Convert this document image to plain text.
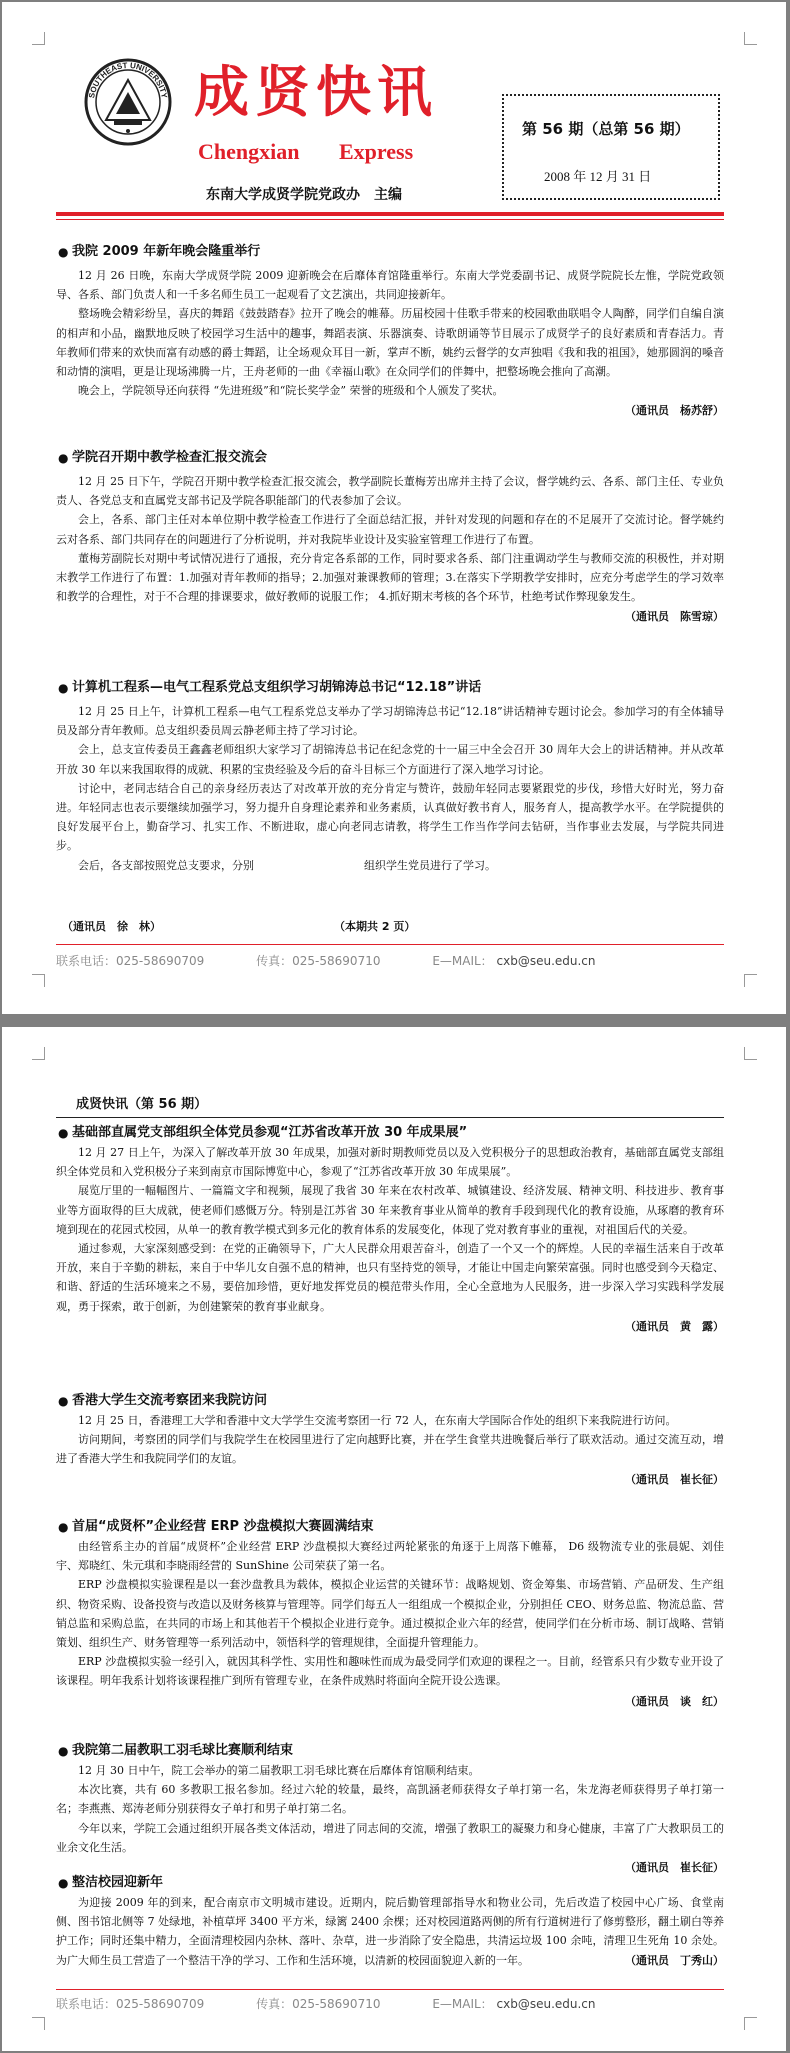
SOUTHEAST UNIVERSITY 成贤快讯
Chengxian Express
东南大学成贤学院党政办　主编
第 56 期（总第 56 期）
2008 年 12 月 31 日
● 我院 2009 年新年晚会隆重举行

12 月 26 日晚，东南大学成贤学院 2009 迎新晚会在后靡体育馆隆重举行。东南大学党委副书记、成贤学院院长左惟，学院党政领导、各系、部门负责人和一千多名师生员工一起观看了文艺演出，共同迎接新年。

整场晚会精彩纷呈，喜庆的舞蹈《鼓鼓踏春》拉开了晚会的帷幕。历届校园十佳歌手带来的校园歌曲联唱令人陶醉，同学们自编自演的相声和小品，幽默地反映了校园学习生活中的趣事，舞蹈表演、乐器演奏、诗歌朗诵等节目展示了成贤学子的良好素质和青春活力。青年教师们带来的欢快而富有动感的爵士舞蹈，让全场观众耳目一新，掌声不断，姚约云督学的女声独唱《我和我的祖国》，她那圆润的嗓音和动情的演唱，更是让现场沸腾一片，王舟老师的一曲《幸福山歌》在众同学们的伴舞中，把整场晚会推向了高潮。

晚会上，学院领导还向获得 “先进班级”和“院长奖学金” 荣誉的班级和个人颁发了奖状。

（通讯员　杨苏舒）
● 学院召开期中教学检查汇报交流会

12 月 25 日下午，学院召开期中教学检查汇报交流会，教学副院长董梅芳出席并主持了会议，督学姚约云、各系、部门主任、专业负责人、各党总支和直属党支部书记及学院各职能部门的代表参加了会议。

会上，各系、部门主任对本单位期中教学检查工作进行了全面总结汇报，并针对发现的问题和存在的不足展开了交流讨论。督学姚约云对各系、部门共同存在的问题进行了分析说明，并对我院毕业设计及实验室管理工作进行了布置。

董梅芳副院长对期中考试情况进行了通报，充分肯定各系部的工作，同时要求各系、部门注重调动学生与教师交流的积极性，并对期末教学工作进行了布置：1.加强对青年教师的指导；2.加强对兼课教师的管理；3.在落实下学期教学安排时，应充分考虑学生的学习效率和教学的合理性，对于不合理的排课要求，做好教师的说服工作； 4.抓好期末考核的各个环节，杜绝考试作弊现象发生。

（通讯员　陈雪琼）
● 计算机工程系—电气工程系党总支组织学习胡锦涛总书记“12.18”讲话

12 月 25 日上午，计算机工程系—电气工程系党总支举办了学习胡锦涛总书记“12.18”讲话精神专题讨论会。参加学习的有全体辅导员及部分青年教师。总支组织委员周云静老师主持了学习讨论。

会上，总支宣传委员王鑫鑫老师组织大家学习了胡锦涛总书记在纪念党的十一届三中全会召开 30 周年大会上的讲话精神。并从改革开放 30 年以来我国取得的成就、积累的宝贵经验及今后的奋斗目标三个方面进行了深入地学习讨论。

讨论中，老同志结合自己的亲身经历表达了对改革开放的充分肯定与赞许，鼓励年轻同志要紧跟党的步伐，珍惜大好时光，努力奋进。年轻同志也表示要继续加强学习，努力提升自身理论素养和业务素质，认真做好教书育人，服务育人，提高教学水平。在学院提供的良好发展平台上，勤奋学习、扎实工作、不断进取，虚心向老同志请教，将学生工作当作学问去钻研，当作事业去发展，与学院共同进步。

会后，各支部按照党总支要求，分别　　　　　　　　　　组织学生党员进行了学习。

（通讯员　徐　林）	（本期共 2 页）
联系电话：025-58690709	传真：025-58690710	E—MAIL： cxb@seu.edu.cn
成贤快讯（第 56 期）
● 基础部直属党支部组织全体党员参观“江苏省改革开放 30 年成果展”

12 月 27 日上午，为深入了解改革开放 30 年成果，加强对新时期教师党员以及入党积极分子的思想政治教育，基础部直属党支部组织全体党员和入党积极分子来到南京市国际博览中心，参观了“江苏省改革开放 30 年成果展”。

展览厅里的一幅幅图片、一篇篇文字和视频，展现了我省 30 年来在农村改革、城镇建设、经济发展、精神文明、科技进步、教育事业等方面取得的巨大成就，使老师们感慨万分。特别是江苏省 30 年来教育事业从简单的教育手段到现代化的教育设施，从琢磨的教育环境到现在的花园式校园，从单一的教育教学模式到多元化的教育体系的发展变化，体现了党对教育事业的重视，对祖国后代的关爱。

通过参观，大家深刻感受到：在党的正确领导下，广大人民群众用艰苦奋斗，创造了一个又一个的辉煌。人民的幸福生活来自于改革开放，来自于辛勤的耕耘，来自于中华儿女自强不息的精神，也只有坚持党的领导，才能让中国走向繁荣富强。同时也感受到今天稳定、和谐、舒适的生活环境来之不易，要倍加珍惜，更好地发挥党员的模范带头作用，全心全意地为人民服务，进一步深入学习实践科学发展观，勇于探索，敢于创新，为创建繁荣的教育事业献身。

（通讯员　黄　露）
● 香港大学生交流考察团来我院访问

12 月 25 日，香港理工大学和香港中文大学学生交流考察团一行 72 人，在东南大学国际合作处的组织下来我院进行访问。

访问期间，考察团的同学们与我院学生在校园里进行了定向越野比赛，并在学生食堂共进晚餐后举行了联欢活动。通过交流互动，增进了香港大学生和我院同学们的友谊。

（通讯员　崔长征）
● 首届“成贤杯”企业经营 ERP 沙盘模拟大赛圆满结束

由经管系主办的首届“成贤杯”企业经营 ERP 沙盘模拟大赛经过两轮紧张的角逐于上周落下帷幕， D6 级物流专业的张晨妮、刘佳宇、郑晓红、朱元琪和李晓雨经营的 SunShine 公司荣获了第一名。

ERP 沙盘模拟实验课程是以一套沙盘教具为载体，模拟企业运营的关键环节：战略规划、资金筹集、市场营销、产品研发、生产组织、物资采购、设备投资与改造以及财务核算与管理等。同学们每五人一组组成一个模拟企业，分别担任 CEO、财务总监、物流总监、营销总监和采购总监，在共同的市场上和其他若干个模拟企业进行竞争。通过模拟企业六年的经营，使同学们在分析市场、制订战略、营销策划、组织生产、财务管理等一系列活动中，领悟科学的管理规律，全面提升管理能力。

ERP 沙盘模拟实验一经引入，就因其科学性、实用性和趣味性而成为最受同学们欢迎的课程之一。目前，经管系只有少数专业开设了该课程。明年我系计划将该课程推广到所有管理专业，在条件成熟时将面向全院开设公选课。

（通讯员　谈　红）
● 我院第二届教职工羽毛球比赛顺利结束

12 月 30 日中午，院工会举办的第二届教职工羽毛球比赛在后靡体育馆顺利结束。

本次比赛，共有 60 多教职工报名参加。经过六轮的较量，最终，高凯涵老师获得女子单打第一名，朱龙海老师获得男子单打第一名；李燕燕、郑涛老师分别获得女子单打和男子单打第二名。

今年以来，学院工会通过组织开展各类文体活动，增进了同志间的交流，增强了教职工的凝聚力和身心健康，丰富了广大教职员工的业余文化生活。

（通讯员　崔长征）
● 整洁校园迎新年

为迎接 2009 年的到来，配合南京市文明城市建设。近期内，院后勤管理部指导水和物业公司，先后改造了校园中心广场、食堂南侧、图书馆北侧等 7 处绿地，补植草坪 3400 平方米，绿篱 2400 余棵；还对校园道路两侧的所有行道树进行了修剪整形，翻土刷白等养护工作；同时还集中精力，全面清理校园内杂林、落叶、杂草，进一步消除了安全隐患，共清运垃圾 100 余吨，清理卫生死角 10 余处。为广大师生员工营造了一个整洁干净的学习、工作和生活环境，以清新的校园面貌迎入新的一年。	（通讯员　丁秀山）
联系电话：025-58690709	传真：025-58690710	E—MAIL： cxb@seu.edu.cn
